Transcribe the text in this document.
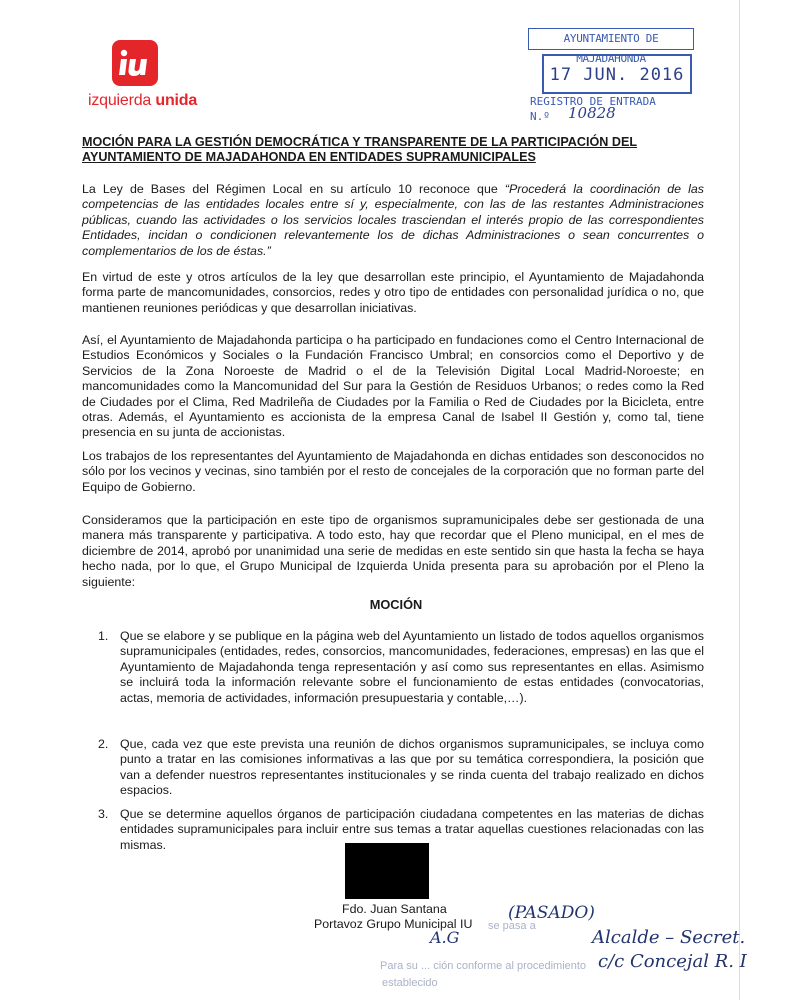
izquierda unida
AYUNTAMIENTO DE MAJADAHONDA
17 JUN. 2016
REGISTRO DE ENTRADA
N.º 10828
MOCIÓN PARA LA GESTIÓN DEMOCRÁTICA Y TRANSPARENTE DE LA PARTICIPACIÓN DEL AYUNTAMIENTO DE MAJADAHONDA EN ENTIDADES SUPRAMUNICIPALES
La Ley de Bases del Régimen Local en su artículo 10 reconoce que “Procederá la coordinación de las competencias de las entidades locales entre sí y, especialmente, con las de las restantes Administraciones públicas, cuando las actividades o los servicios locales trasciendan el interés propio de las correspondientes Entidades, incidan o condicionen relevantemente los de dichas Administraciones o sean concurrentes o complementarios de los de éstas.”
En virtud de este y otros artículos de la ley que desarrollan este principio, el Ayuntamiento de Majadahonda forma parte de mancomunidades, consorcios, redes y otro tipo de entidades con personalidad jurídica o no, que mantienen reuniones periódicas y que desarrollan iniciativas.
Así, el Ayuntamiento de Majadahonda participa o ha participado en fundaciones como el Centro Internacional de Estudios Económicos y Sociales o la Fundación Francisco Umbral; en consorcios como el Deportivo y de Servicios de la Zona Noroeste de Madrid o el de la Televisión Digital Local Madrid-Noroeste; en mancomunidades como la Mancomunidad del Sur para la Gestión de Residuos Urbanos; o redes como la Red de Ciudades por el Clima, Red Madrileña de Ciudades por la Familia o Red de Ciudades por la Bicicleta, entre otras. Además, el Ayuntamiento es accionista de la empresa Canal de Isabel II Gestión y, como tal, tiene presencia en su junta de accionistas.
Los trabajos de los representantes del Ayuntamiento de Majadahonda en dichas entidades son desconocidos no sólo por los vecinos y vecinas, sino también por el resto de concejales de la corporación que no forman parte del Equipo de Gobierno.
Consideramos que la participación en este tipo de organismos supramunicipales debe ser gestionada de una manera más transparente y participativa. A todo esto, hay que recordar que el Pleno municipal, en el mes de diciembre de 2014, aprobó por unanimidad una serie de medidas en este sentido sin que hasta la fecha se haya hecho nada, por lo que, el Grupo Municipal de Izquierda Unida presenta para su aprobación por el Pleno la siguiente:
MOCIÓN
1. Que se elabore y se publique en la página web del Ayuntamiento un listado de todos aquellos organismos supramunicipales (entidades, redes, consorcios, mancomunidades, federaciones, empresas) en las que el Ayuntamiento de Majadahonda tenga representación y así como sus representantes en ellas. Asimismo se incluirá toda la información relevante sobre el funcionamiento de estas entidades (convocatorias, actas, memoria de actividades, información presupuestaria y contable,…).
2. Que, cada vez que este prevista una reunión de dichos organismos supramunicipales, se incluya como punto a tratar en las comisiones informativas a las que por su temática correspondiera, la posición que van a defender nuestros representantes institucionales y se rinda cuenta del trabajo realizado en dichos espacios.
3. Que se determine aquellos órganos de participación ciudadana competentes en las materias de dichas entidades supramunicipales para incluir entre sus temas a tratar aquellas cuestiones relacionadas con las mismas.
Fdo. Juan Santana
Portavoz Grupo Municipal IU se pasa a
Para su ... ción conforme al procedimiento
establecido
(PASADO)
A.G	Alcalde – Secret.
c/c Concejal R. I
